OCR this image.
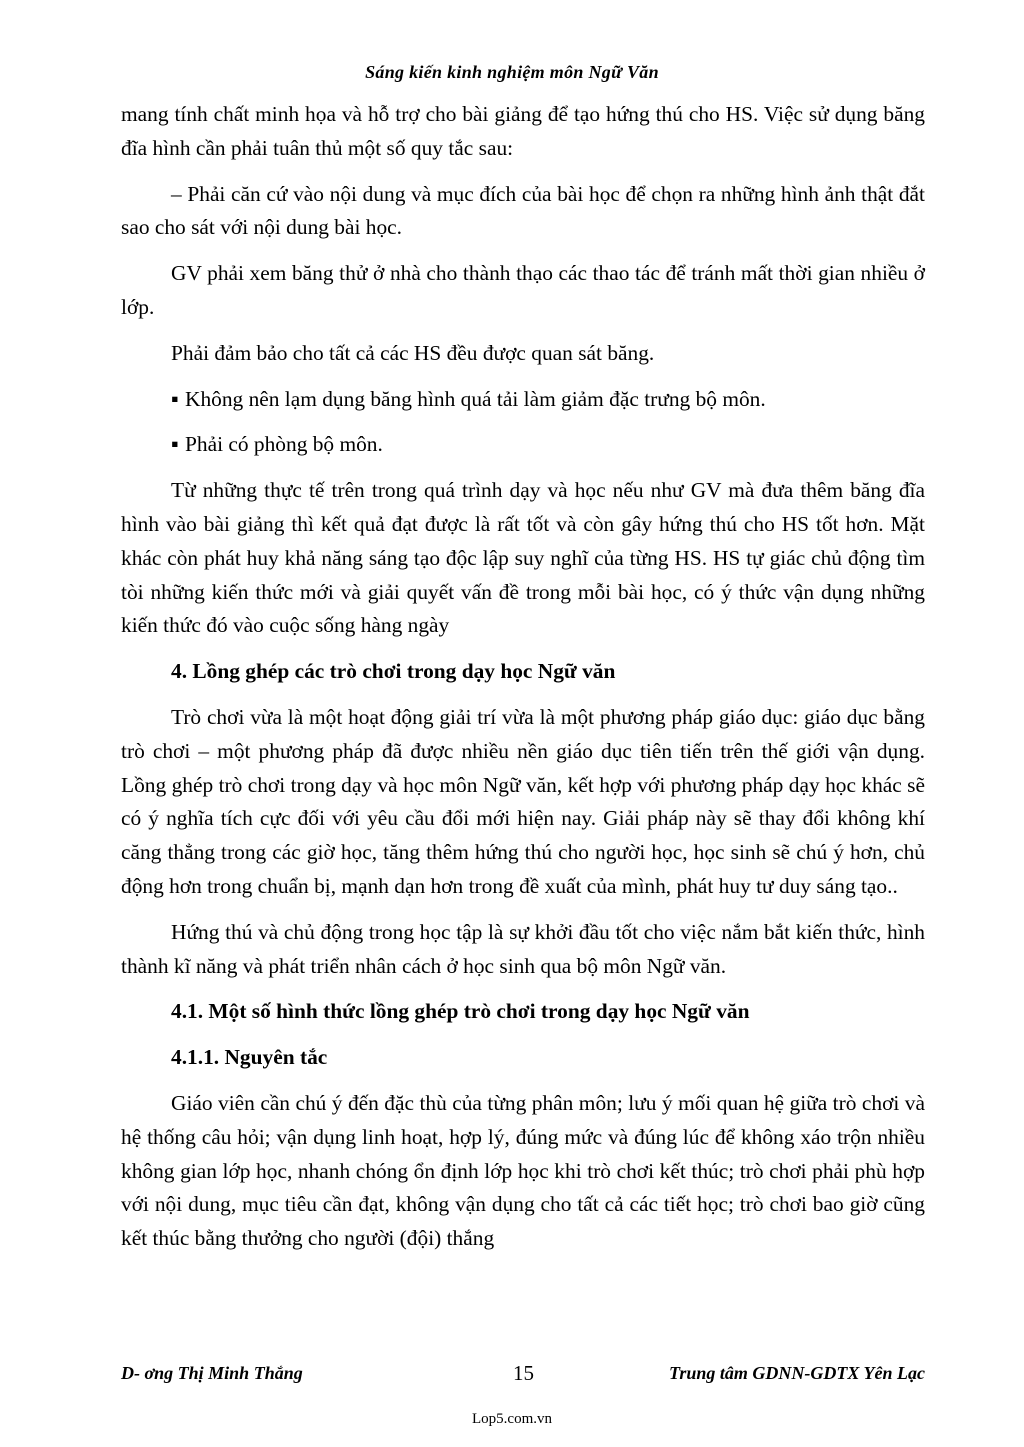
Sáng kiến kinh nghiệm môn Ngữ Văn

mang tính chất minh họa và hỗ trợ cho bài giảng để tạo hứng thú cho HS. Việc sử dụng băng đĩa hình cần phải tuân thủ một số quy tắc sau:

– Phải căn cứ vào nội dung và mục đích của bài học để chọn ra những hình ảnh thật đắt sao cho sát với nội dung bài học.

GV phải xem băng thử ở nhà cho thành thạo các thao tác để tránh mất thời gian nhiều ở lớp.

Phải đảm bảo cho tất cả các HS đều được quan sát băng.

▪ Không nên lạm dụng băng hình quá tải làm giảm đặc trưng bộ môn.
▪ Phải có phòng bộ môn.

Từ những thực tế trên trong quá trình dạy và học nếu như GV mà đưa thêm băng đĩa hình vào bài giảng thì kết quả đạt được là rất tốt và còn gây hứng thú cho HS tốt hơn. Mặt khác còn phát huy khả năng sáng tạo độc lập suy nghĩ của từng HS. HS tự giác chủ động tìm tòi những kiến thức mới và giải quyết vấn đề trong mỗi bài học, có ý thức vận dụng những kiến thức đó vào cuộc sống hàng ngày

4. Lồng ghép các trò chơi trong dạy học Ngữ văn

Trò chơi vừa là một hoạt động giải trí vừa là một phương pháp giáo dục: giáo dục bằng trò chơi – một phương pháp đã được nhiều nền giáo dục tiên tiến trên thế giới vận dụng. Lồng ghép trò chơi trong dạy và học môn Ngữ văn, kết hợp với phương pháp dạy học khác sẽ có ý nghĩa tích cực đối với yêu cầu đổi mới hiện nay. Giải pháp này sẽ thay đổi không khí căng thẳng trong các giờ học, tăng thêm hứng thú cho người học, học sinh sẽ chú ý hơn, chủ động hơn trong chuẩn bị, mạnh dạn hơn trong đề xuất của mình, phát huy tư duy sáng tạo..

Hứng thú và chủ động trong học tập là sự khởi đầu tốt cho việc nắm bắt kiến thức, hình thành kĩ năng và phát triển nhân cách ở học sinh qua bộ môn Ngữ văn.

4.1. Một số hình thức lồng ghép trò chơi trong dạy học Ngữ văn
4.1.1. Nguyên tắc

Giáo viên cần chú ý đến đặc thù của từng phân môn; lưu ý mối quan hệ giữa trò chơi và hệ thống câu hỏi; vận dụng linh hoạt, hợp lý, đúng mức và đúng lúc để không xáo trộn nhiều không gian lớp học, nhanh chóng ổn định lớp học khi trò chơi kết thúc; trò chơi phải phù hợp với nội dung, mục tiêu cần đạt, không vận dụng cho tất cả các tiết học; trò chơi bao giờ cũng kết thúc bằng thưởng cho người (đội) thắng

D- ơng Thị Minh Thắng	15	Trung tâm GDNN-GDTX Yên Lạc
Lop5.com.vn
